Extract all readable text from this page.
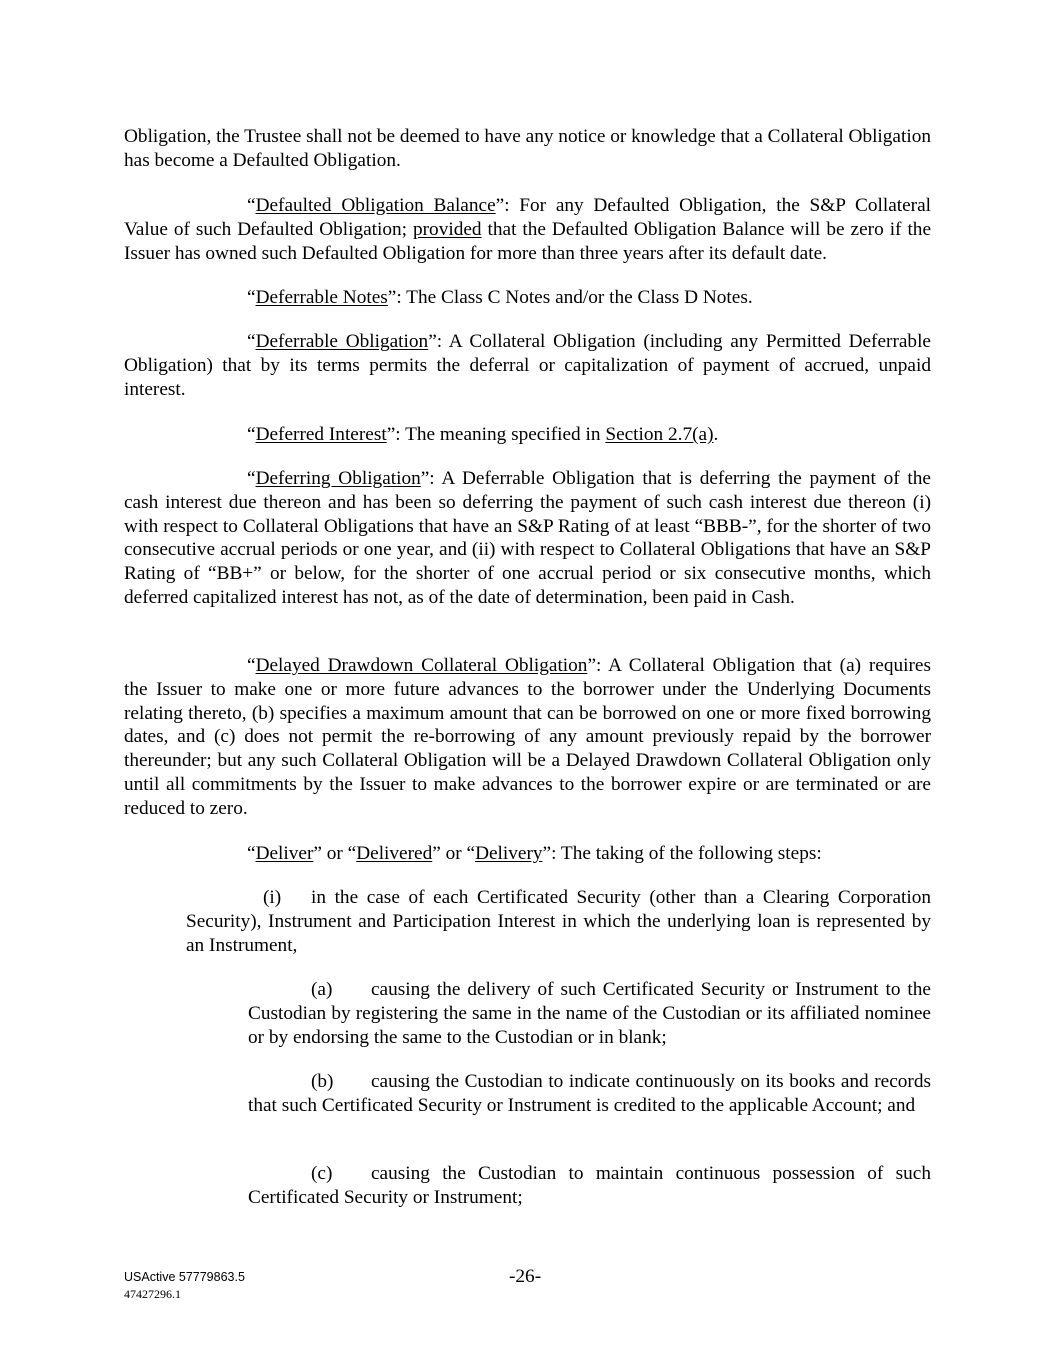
Obligation, the Trustee shall not be deemed to have any notice or knowledge that a Collateral Obligation has become a Defaulted Obligation.

“Defaulted Obligation Balance”: For any Defaulted Obligation, the S&P Collateral Value of such Defaulted Obligation; provided that the Defaulted Obligation Balance will be zero if the Issuer has owned such Defaulted Obligation for more than three years after its default date.

“Deferrable Notes”: The Class C Notes and/or the Class D Notes.

“Deferrable Obligation”: A Collateral Obligation (including any Permitted Deferrable Obligation) that by its terms permits the deferral or capitalization of payment of accrued, unpaid interest.

“Deferred Interest”: The meaning specified in Section 2.7(a).

“Deferring Obligation”: A Deferrable Obligation that is deferring the payment of the cash interest due thereon and has been so deferring the payment of such cash interest due thereon (i) with respect to Collateral Obligations that have an S&P Rating of at least “BBB-”, for the shorter of two consecutive accrual periods or one year, and (ii) with respect to Collateral Obligations that have an S&P Rating of “BB+” or below, for the shorter of one accrual period or six consecutive months, which deferred capitalized interest has not, as of the date of determination, been paid in Cash.

“Delayed Drawdown Collateral Obligation”: A Collateral Obligation that (a) requires the Issuer to make one or more future advances to the borrower under the Underlying Documents relating thereto, (b) specifies a maximum amount that can be borrowed on one or more fixed borrowing dates, and (c) does not permit the re-borrowing of any amount previously repaid by the borrower thereunder; but any such Collateral Obligation will be a Delayed Drawdown Collateral Obligation only until all commitments by the Issuer to make advances to the borrower expire or are terminated or are reduced to zero.

“Deliver” or “Delivered” or “Delivery”: The taking of the following steps:

(i) in the case of each Certificated Security (other than a Clearing Corporation Security), Instrument and Participation Interest in which the underlying loan is represented by an Instrument,

(a) causing the delivery of such Certificated Security or Instrument to the Custodian by registering the same in the name of the Custodian or its affiliated nominee or by endorsing the same to the Custodian or in blank;

(b) causing the Custodian to indicate continuously on its books and records that such Certificated Security or Instrument is credited to the applicable Account; and

(c) causing the Custodian to maintain continuous possession of such Certificated Security or Instrument;

USActive 57779863.5	-26-
47427296.1
